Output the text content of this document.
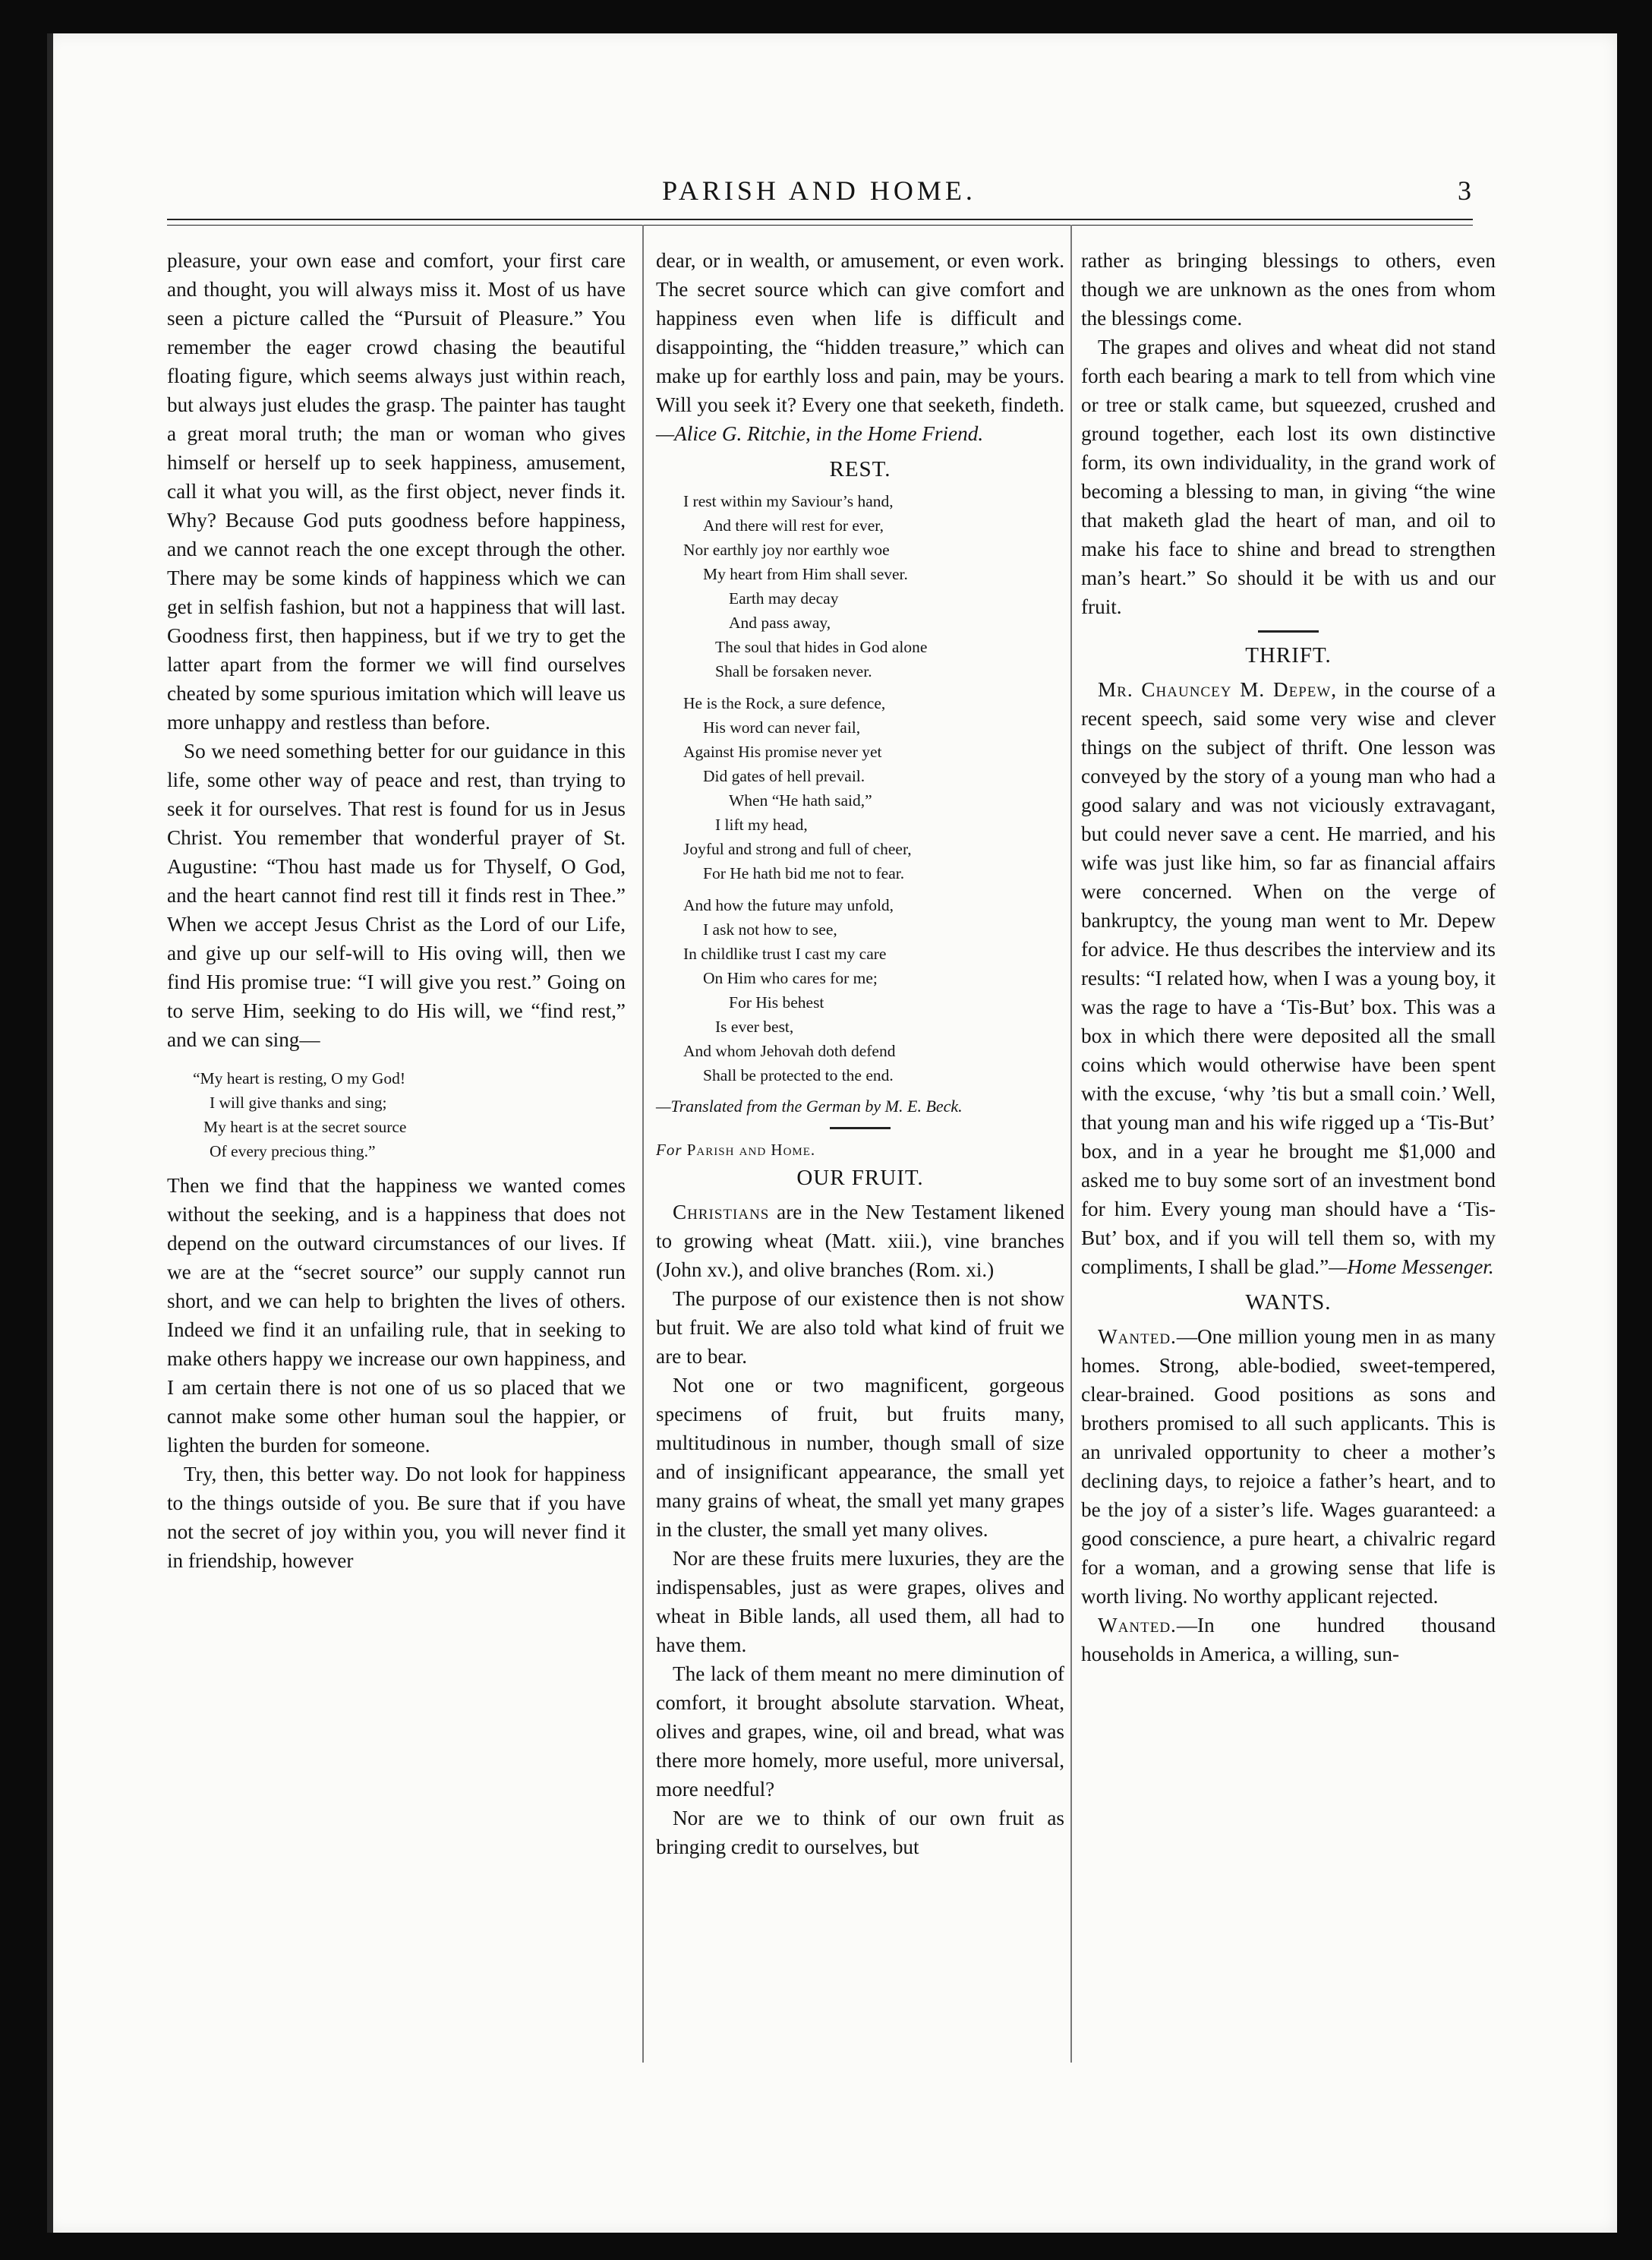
PARISH AND HOME.	3

pleasure, your own ease and comfort, your first care and thought, you will always miss it. Most of us have seen a picture called the “Pursuit of Pleasure.” You remember the eager crowd chasing the beautiful floating figure, which seems always just within reach, but always just eludes the grasp. The painter has taught a great moral truth; the man or woman who gives himself or herself up to seek happiness, amusement, call it what you will, as the first object, never finds it. Why? Because God puts goodness before happiness, and we cannot reach the one except through the other. There may be some kinds of happiness which we can get in selfish fashion, but not a happiness that will last. Goodness first, then happiness, but if we try to get the latter apart from the former we will find ourselves cheated by some spurious imitation which will leave us more unhappy and restless than before.

So we need something better for our guidance in this life, some other way of peace and rest, than trying to seek it for ourselves. That rest is found for us in Jesus Christ. You remember that wonderful prayer of St. Augustine: “Thou hast made us for Thyself, O God, and the heart cannot find rest till it finds rest in Thee.” When we accept Jesus Christ as the Lord of our Life, and give up our self-will to His oving will, then we find His promise true: “I will give you rest.” Going on to serve Him, seeking to do His will, we “find rest,” and we can sing—

“My heart is resting, O my God!
I will give thanks and sing;
My heart is at the secret source
Of every precious thing.”

Then we find that the happiness we wanted comes without the seeking, and is a happiness that does not depend on the outward circumstances of our lives. If we are at the “secret source” our supply cannot run short, and we can help to brighten the lives of others. Indeed we find it an unfailing rule, that in seeking to make others happy we increase our own happiness, and I am certain there is not one of us so placed that we cannot make some other human soul the happier, or lighten the burden for someone.

Try, then, this better way. Do not look for happiness to the things outside of you. Be sure that if you have not the secret of joy within you, you will never find it in friendship, however

dear, or in wealth, or amusement, or even work. The secret source which can give comfort and happiness even when life is difficult and disappointing, the “hidden treasure,” which can make up for earthly loss and pain, may be yours. Will you seek it? Every one that seeketh, findeth.—Alice G. Ritchie, in the Home Friend.

REST.
I rest within my Saviour’s hand,
And there will rest for ever,
Nor earthly joy nor earthly woe
My heart from Him shall sever.
Earth may decay
And pass away,
The soul that hides in God alone
Shall be forsaken never.
He is the Rock, a sure defence,
His word can never fail,
Against His promise never yet
Did gates of hell prevail.
When “He hath said,”
I lift my head,
Joyful and strong and full of cheer,
For He hath bid me not to fear.
And how the future may unfold,
I ask not how to see,
In childlike trust I cast my care
On Him who cares for me;
For His behest
Is ever best,
And whom Jehovah doth defend
Shall be protected to the end.
—Translated from the German by M. E. Beck.
For Parish and Home.
OUR FRUIT.

Christians are in the New Testament likened to growing wheat (Matt. xiii.), vine branches (John xv.), and olive branches (Rom. xi.)

The purpose of our existence then is not show but fruit. We are also told what kind of fruit we are to bear.

Not one or two magnificent, gorgeous specimens of fruit, but fruits many, multitudinous in number, though small of size and of insignificant appearance, the small yet many grains of wheat, the small yet many grapes in the cluster, the small yet many olives.

Nor are these fruits mere luxuries, they are the indispensables, just as were grapes, olives and wheat in Bible lands, all used them, all had to have them.

The lack of them meant no mere diminution of comfort, it brought absolute starvation. Wheat, olives and grapes, wine, oil and bread, what was there more homely, more useful, more universal, more needful?

Nor are we to think of our own fruit as bringing credit to ourselves, but

rather as bringing blessings to others, even though we are unknown as the ones from whom the blessings come.

The grapes and olives and wheat did not stand forth each bearing a mark to tell from which vine or tree or stalk came, but squeezed, crushed and ground together, each lost its own distinctive form, its own individuality, in the grand work of becoming a blessing to man, in giving “the wine that maketh glad the heart of man, and oil to make his face to shine and bread to strengthen man’s heart.” So should it be with us and our fruit.

THRIFT.

Mr. Chauncey M. Depew, in the course of a recent speech, said some very wise and clever things on the subject of thrift. One lesson was conveyed by the story of a young man who had a good salary and was not viciously extravagant, but could never save a cent. He married, and his wife was just like him, so far as financial affairs were concerned. When on the verge of bankruptcy, the young man went to Mr. Depew for advice. He thus describes the interview and its results: “I related how, when I was a young boy, it was the rage to have a ‘Tis-But’ box. This was a box in which there were deposited all the small coins which would otherwise have been spent with the excuse, ‘why ’tis but a small coin.’ Well, that young man and his wife rigged up a ‘Tis-But’ box, and in a year he brought me $1,000 and asked me to buy some sort of an investment bond for him. Every young man should have a ‘Tis-But’ box, and if you will tell them so, with my compliments, I shall be glad.”—Home Messenger.

WANTS.

Wanted.—One million young men in as many homes. Strong, able-bodied, sweet-tempered, clear-brained. Good positions as sons and brothers promised to all such applicants. This is an unrivaled opportunity to cheer a mother’s declining days, to rejoice a father’s heart, and to be the joy of a sister’s life. Wages guaranteed: a good conscience, a pure heart, a chivalric regard for a woman, and a growing sense that life is worth living. No worthy applicant rejected.

Wanted.—In one hundred thousand households in America, a willing, sun-
